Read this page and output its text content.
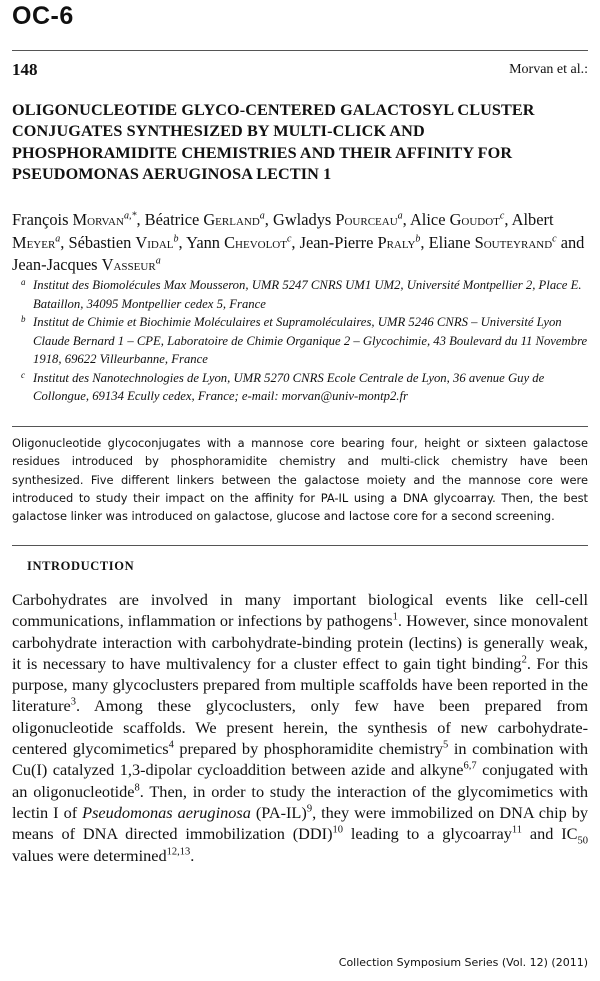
OC-6
148	Morvan et al.:
OLIGONUCLEOTIDE GLYCO-CENTERED GALACTOSYL CLUSTER CONJUGATES SYNTHESIZED BY MULTI-CLICK AND PHOSPHORAMIDITE CHEMISTRIES AND THEIR AFFINITY FOR PSEUDOMONAS AERUGINOSA LECTIN 1
François Morvan$^{a,*}$, Béatrice Gerland$^a$, Gwladys Pourceau$^a$, Alice Goudot$^c$, Albert Meyer$^a$, Sébastien Vidal$^b$, Yann Chevolot$^c$, Jean-Pierre Praly$^b$, Eliane Souteyrand$^c$ and Jean-Jacques Vasseur$^a$
a Institut des Biomolécules Max Mousseron, UMR 5247 CNRS UM1 UM2, Université Montpellier 2, Place E. Bataillon, 34095 Montpellier cedex 5, France
b Institut de Chimie et Biochimie Moléculaires et Supramoléculaires, UMR 5246 CNRS – Université Lyon Claude Bernard 1 – CPE, Laboratoire de Chimie Organique 2 – Glycochimie, 43 Boulevard du 11 Novembre 1918, 69622 Villeurbanne, France
c Institut des Nanotechnologies de Lyon, UMR 5270 CNRS Ecole Centrale de Lyon, 36 avenue Guy de Collongue, 69134 Ecully cedex, France; e-mail: morvan@univ-montp2.fr
Oligonucleotide glycoconjugates with a mannose core bearing four, height or sixteen galactose residues introduced by phosphoramidite chemistry and multi-click chemistry have been synthesized. Five different linkers between the galactose moiety and the mannose core were introduced to study their impact on the affinity for PA-IL using a DNA glycoarray. Then, the best galactose linker was introduced on galactose, glucose and lactose core for a second screening.
INTRODUCTION
Carbohydrates are involved in many important biological events like cell-cell communications, inflammation or infections by pathogens$^1$. However, since monovalent carbohydrate interaction with carbohydrate-binding protein (lectins) is generally weak, it is necessary to have multivalency for a cluster effect to gain tight binding$^2$. For this purpose, many glycoclusters prepared from multiple scaffolds have been reported in the literature$^3$. Among these glycoclusters, only few have been prepared from oligonucleotide scaffolds. We present herein, the synthesis of new carbohydrate-centered glycomimetics$^4$ prepared by phosphoramidite chemistry$^5$ in combination with Cu(I) catalyzed 1,3-dipolar cycloaddition between azide and alkyne$^{6,7}$ conjugated with an oligonucleotide$^8$. Then, in order to study the interaction of the glycomimetics with lectin I of Pseudomonas aeruginosa $(PA-IL)^9$, they were immobilized on DNA chip by means of DNA directed immobilization (DDI)$^{10}$ leading to a glycoarray$^{11}$ and $IC_{50}$ values were determined$^{12,13}$.
Collection Symposium Series (Vol. 12) (2011)
